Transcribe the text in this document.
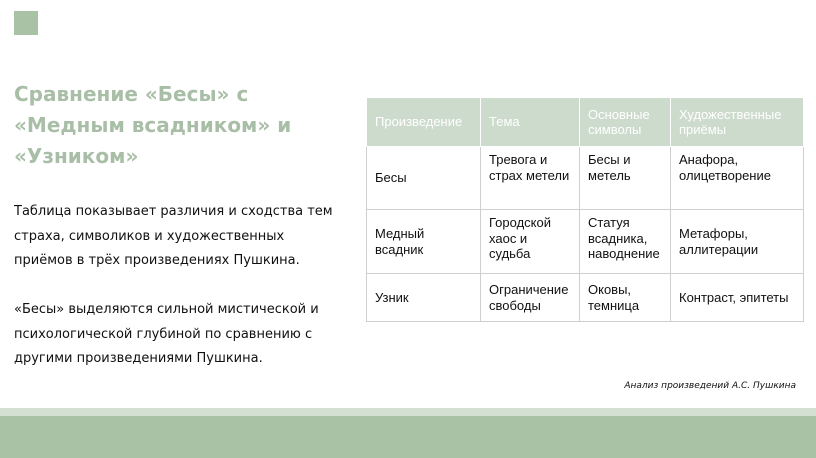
Сравнение «Бесы» с «Медным всадником» и «Узником»

Таблица показывает различия и сходства тем страха, символиков и художественных приёмов в трёх произведениях Пушкина.

«Бесы» выделяются сильной мистической и психологической глубиной по сравнению с другими произведениями Пушкина.

Произведение	Тема	Основные символы	Художественные приёмы
Бесы	Тревога и страх метели	Бесы и метель	Анафора, олицетворение
Медный всадник	Городской хаос и судьба	Статуя всадника, наводнение	Метафоры, аллитерации
Узник	Ограничение свободы	Оковы, темница	Контраст, эпитеты

Анализ произведений А.С. Пушкина
